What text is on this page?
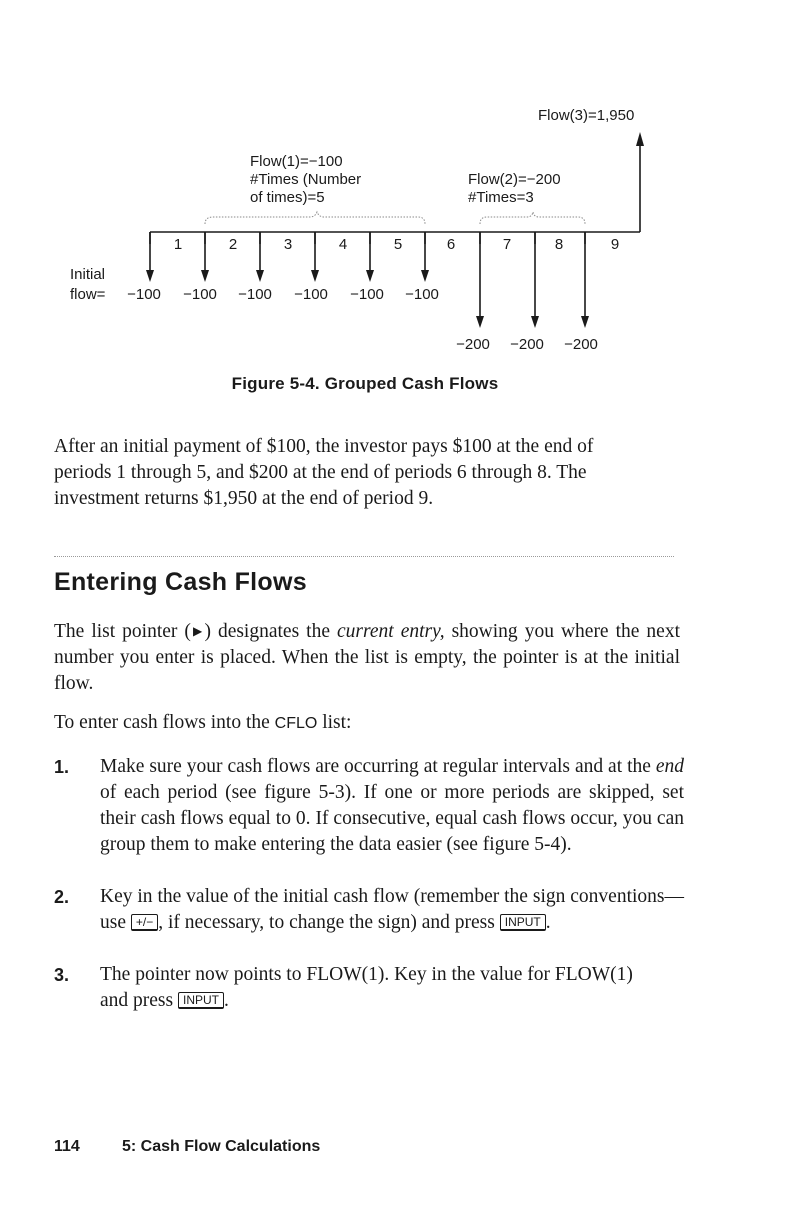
1	2	3	4	5	6	7	8	9
Flow(3)=1,950
Flow(1)=−100
#Times (Number
of times)=5
Flow(2)=−200
#Times=3
Initial
flow= −100 −100 −100 −100 −100 −100
−200 −200 −200
Figure 5-4. Grouped Cash Flows
After an initial payment of $100, the investor pays $100 at the end of
periods 1 through 5, and $200 at the end of periods 6 through 8. The
investment returns $1,950 at the end of period 9.
Entering Cash Flows
The list pointer (▶) designates the current entry, showing you where the next number you enter is placed. When the list is empty, the pointer is at the initial flow.
To enter cash flows into the CFLO list:
1.	Make sure your cash flows are occurring at regular intervals and at the end of each period (see figure 5-3). If one or more periods are skipped, set their cash flows equal to 0. If consecutive, equal cash flows occur, you can group them to make entering the data easier (see figure 5-4).
2.	Key in the value of the initial cash flow (remember the sign conventions—use +/− , if necessary, to change the sign) and press INPUT .
3.	The pointer now points to FLOW(1). Key in the value for FLOW(1) and press INPUT .
114	5: Cash Flow Calculations
